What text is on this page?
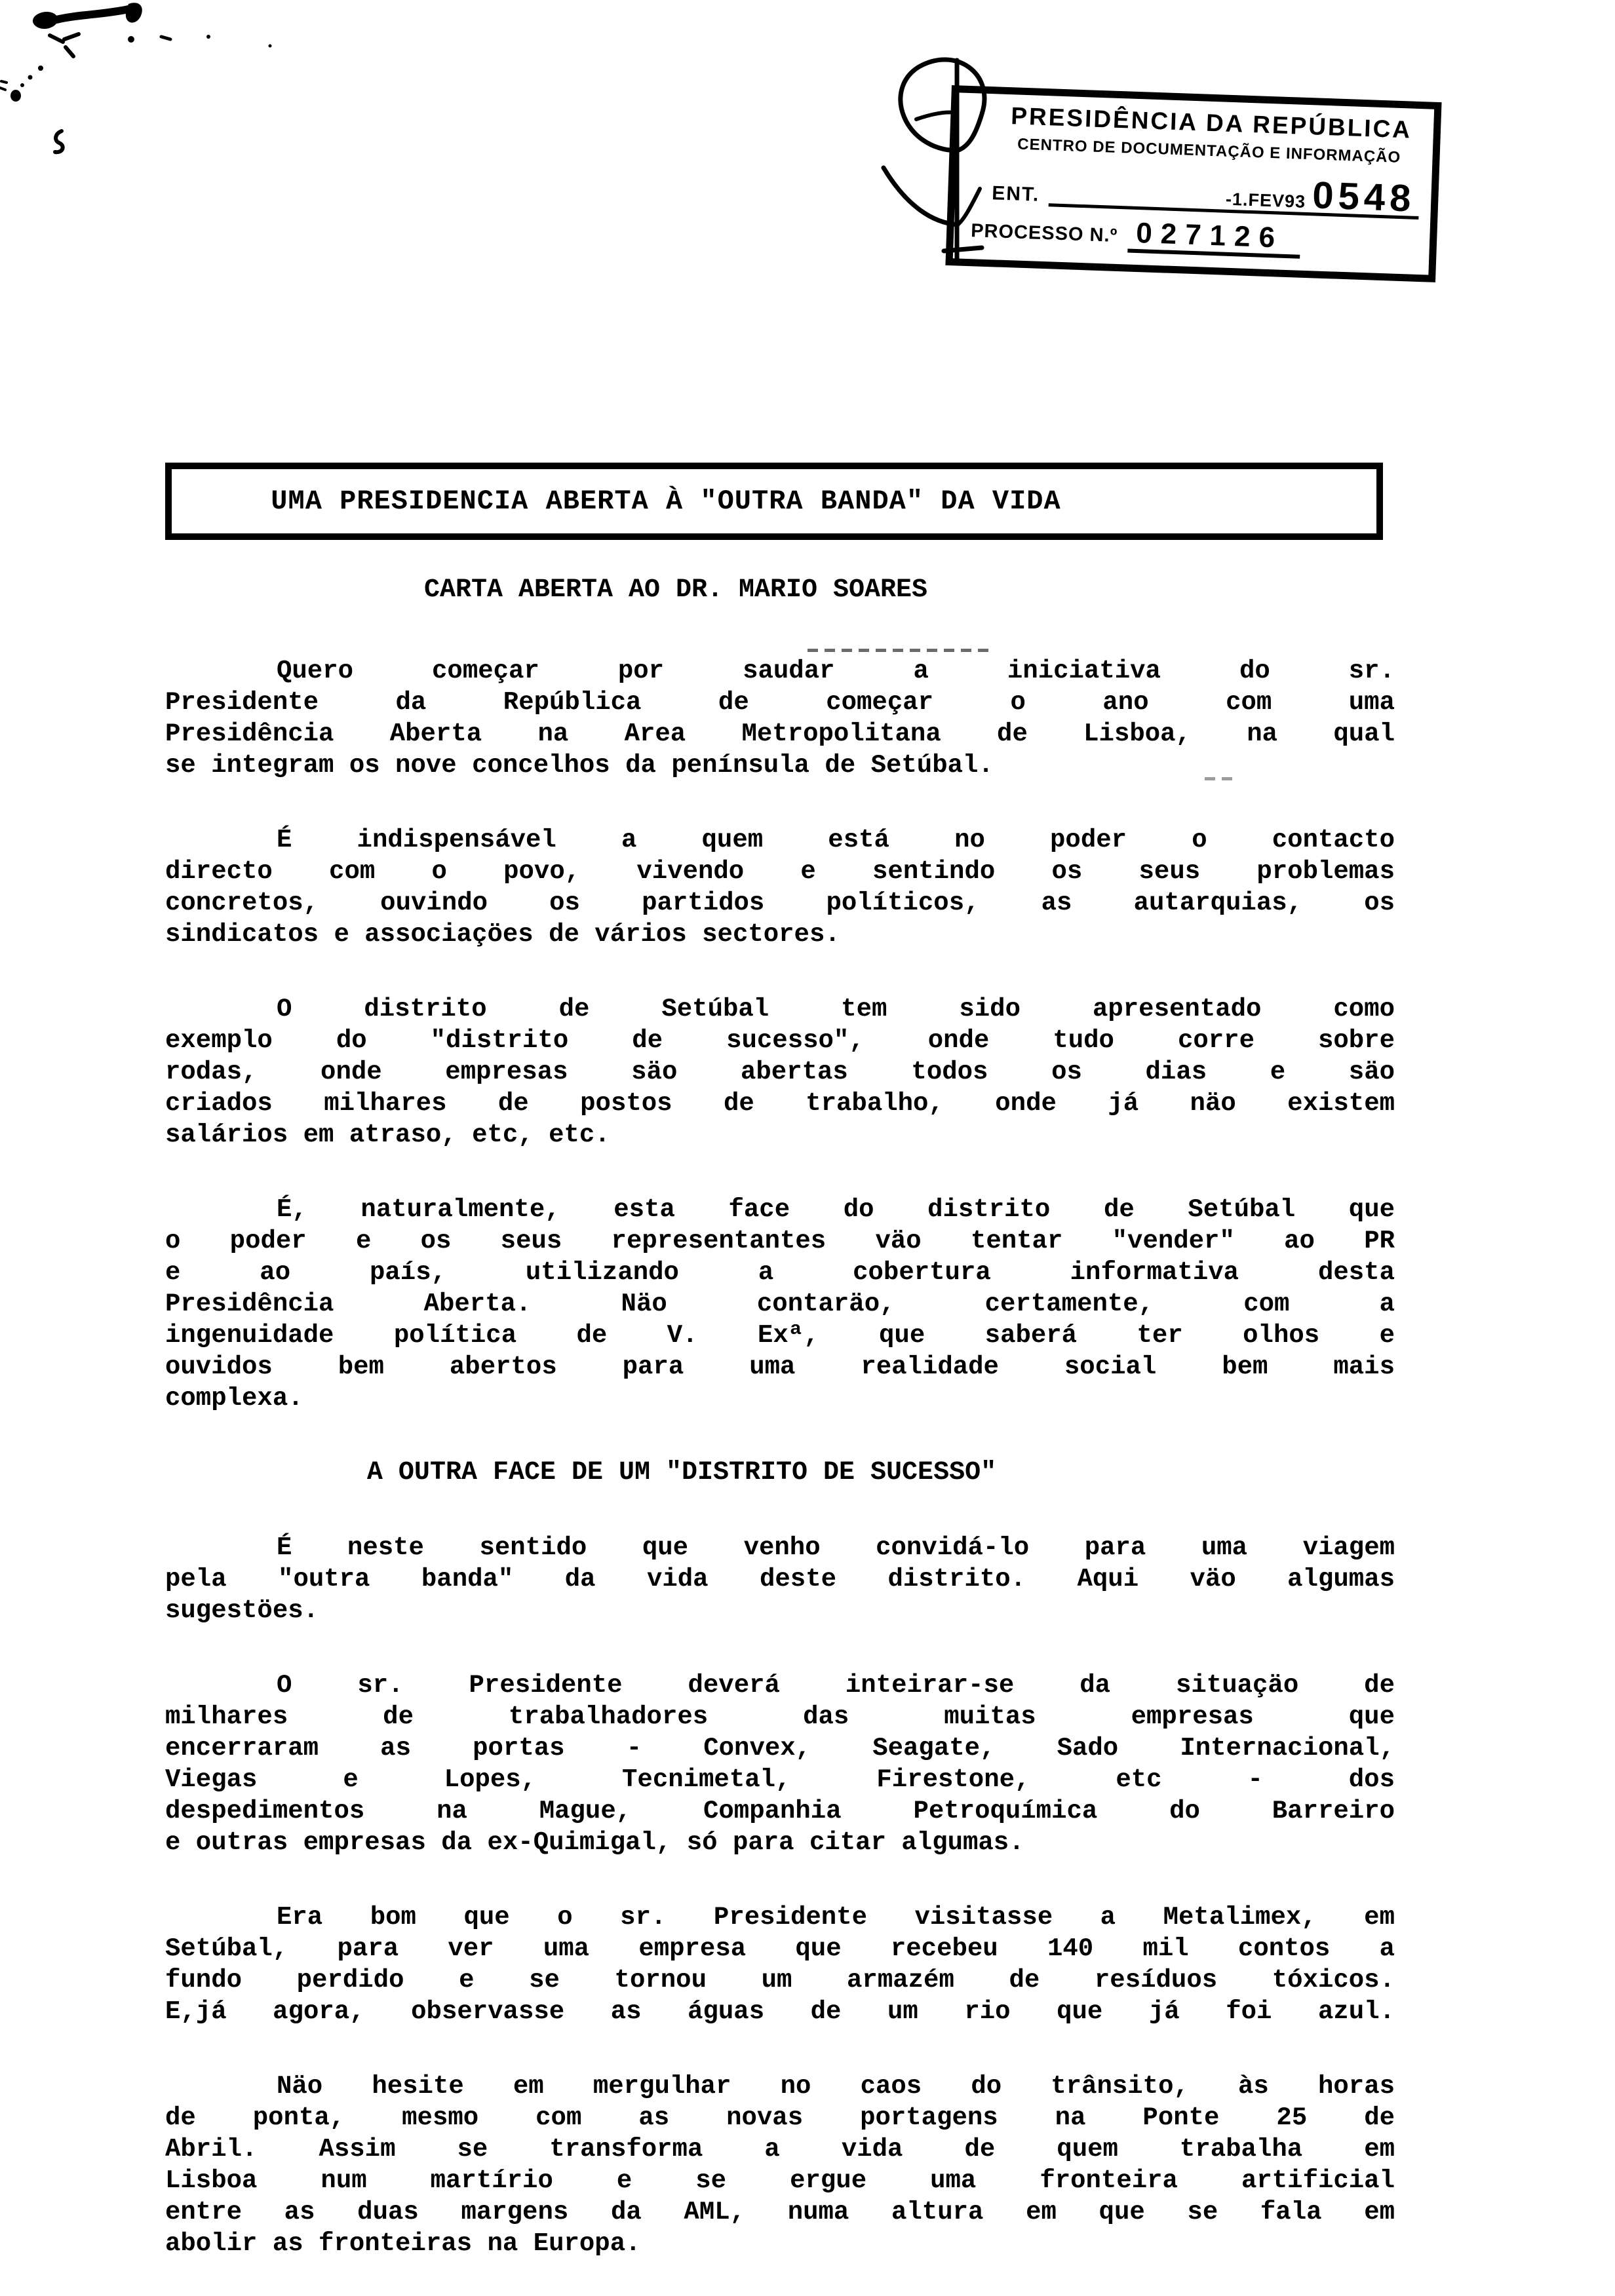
PRESIDÊNCIA DA REPÚBLICA
CENTRO DE DOCUMENTAÇÃO E INFORMAÇÃO
ENT.	-1.FEV93 0548
PROCESSO N.º 027126
UMA PRESIDENCIA ABERTA À "OUTRA BANDA" DA VIDA
CARTA ABERTA AO DR. MARIO SOARES
Quero começar por saudar a iniciativa do sr.
Presidente da República de começar o ano com uma
Presidência Aberta na Area Metropolitana de Lisboa, na qual
se integram os nove concelhos da península de Setúbal.
É indispensável a quem está no poder o contacto
directo com o povo, vivendo e sentindo os seus problemas
concretos, ouvindo os partidos políticos, as autarquias, os
sindicatos e associaçöes de vários sectores.
O distrito de Setúbal tem sido apresentado como
exemplo do "distrito de sucesso", onde tudo corre sobre
rodas, onde empresas säo abertas todos os dias e säo
criados milhares de postos de trabalho, onde já näo existem
salários em atraso, etc, etc.
É, naturalmente, esta face do distrito de Setúbal que
o poder e os seus representantes väo tentar "vender" ao PR
e ao país, utilizando a cobertura informativa desta
Presidência Aberta. Näo contaräo, certamente, com a
ingenuidade política de V. Exª, que saberá ter olhos e
ouvidos bem abertos para uma realidade social bem mais
complexa.
A OUTRA FACE DE UM "DISTRITO DE SUCESSO"
É neste sentido que venho convidá-lo para uma viagem
pela "outra banda" da vida deste distrito. Aqui väo algumas
sugestöes.
O sr. Presidente deverá inteirar-se da situaçäo de
milhares de trabalhadores das muitas empresas que
encerraram as portas - Convex, Seagate, Sado Internacional,
Viegas e Lopes, Tecnimetal, Firestone, etc - dos
despedimentos na Mague, Companhia Petroquímica do Barreiro
e outras empresas da ex-Quimigal, só para citar algumas.
Era bom que o sr. Presidente visitasse a Metalimex, em
Setúbal, para ver uma empresa que recebeu 140 mil contos a
fundo perdido e se tornou um armazém de resíduos tóxicos.
E,já agora, observasse as águas de um rio que já foi azul.
Näo hesite em mergulhar no caos do trânsito, às horas
de ponta, mesmo com as novas portagens na Ponte 25 de
Abril. Assim se transforma a vida de quem trabalha em
Lisboa num martírio e se ergue uma fronteira artificial
entre as duas margens da AML, numa altura em que se fala em
abolir as fronteiras na Europa.
